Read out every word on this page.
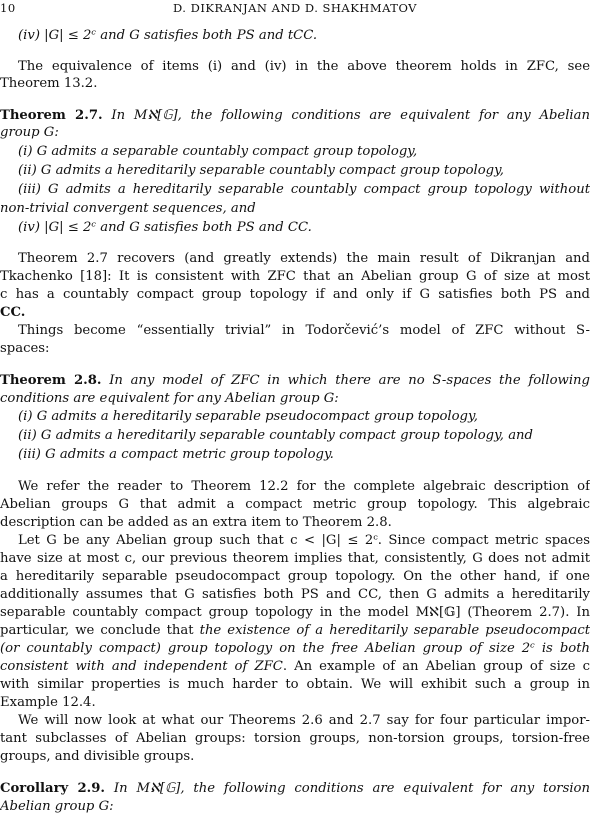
10	D. DIKRANJAN AND D. SHAKHMATOV
(iv) |G| ≤ 2ᶜ and G satisfies both PS and tCC.
The equivalence of items (i) and (iv) in the above theorem holds in ZFC, see
Theorem 13.2.
Theorem 2.7. In Mℵ[𝔾], the following conditions are equivalent for any Abelian
group G:
(i) G admits a separable countably compact group topology,
(ii) G admits a hereditarily separable countably compact group topology,
(iii) G admits a hereditarily separable countably compact group topology without
non-trivial convergent sequences, and
(iv) |G| ≤ 2ᶜ and G satisfies both PS and CC.
Theorem 2.7 recovers (and greatly extends) the main result of Dikranjan and
Tkachenko [18]: It is consistent with ZFC that an Abelian group G of size at most
c has a countably compact group topology if and only if G satisfies both PS and
CC.
Things become “essentially trivial” in Todorčević’s model of ZFC without S-
spaces:
Theorem 2.8. In any model of ZFC in which there are no S-spaces the following
conditions are equivalent for any Abelian group G:
(i) G admits a hereditarily separable pseudocompact group topology,
(ii) G admits a hereditarily separable countably compact group topology, and
(iii) G admits a compact metric group topology.
We refer the reader to Theorem 12.2 for the complete algebraic description of
Abelian groups G that admit a compact metric group topology. This algebraic
description can be added as an extra item to Theorem 2.8.
Let G be any Abelian group such that c < |G| ≤ 2ᶜ. Since compact metric spaces
have size at most c, our previous theorem implies that, consistently, G does not admit
a hereditarily separable pseudocompact group topology. On the other hand, if one
additionally assumes that G satisfies both PS and CC, then G admits a hereditarily
separable countably compact group topology in the model Mℵ[𝔾] (Theorem 2.7). In
particular, we conclude that the existence of a hereditarily separable pseudocompact
(or countably compact) group topology on the free Abelian group of size 2ᶜ is both
consistent with and independent of ZFC. An example of an Abelian group of size c
with similar properties is much harder to obtain. We will exhibit such a group in
Example 12.4.
We will now look at what our Theorems 2.6 and 2.7 say for four particular impor-
tant subclasses of Abelian groups: torsion groups, non-torsion groups, torsion-free
groups, and divisible groups.
Corollary 2.9. In Mℵ[𝔾], the following conditions are equivalent for any torsion
Abelian group G:
